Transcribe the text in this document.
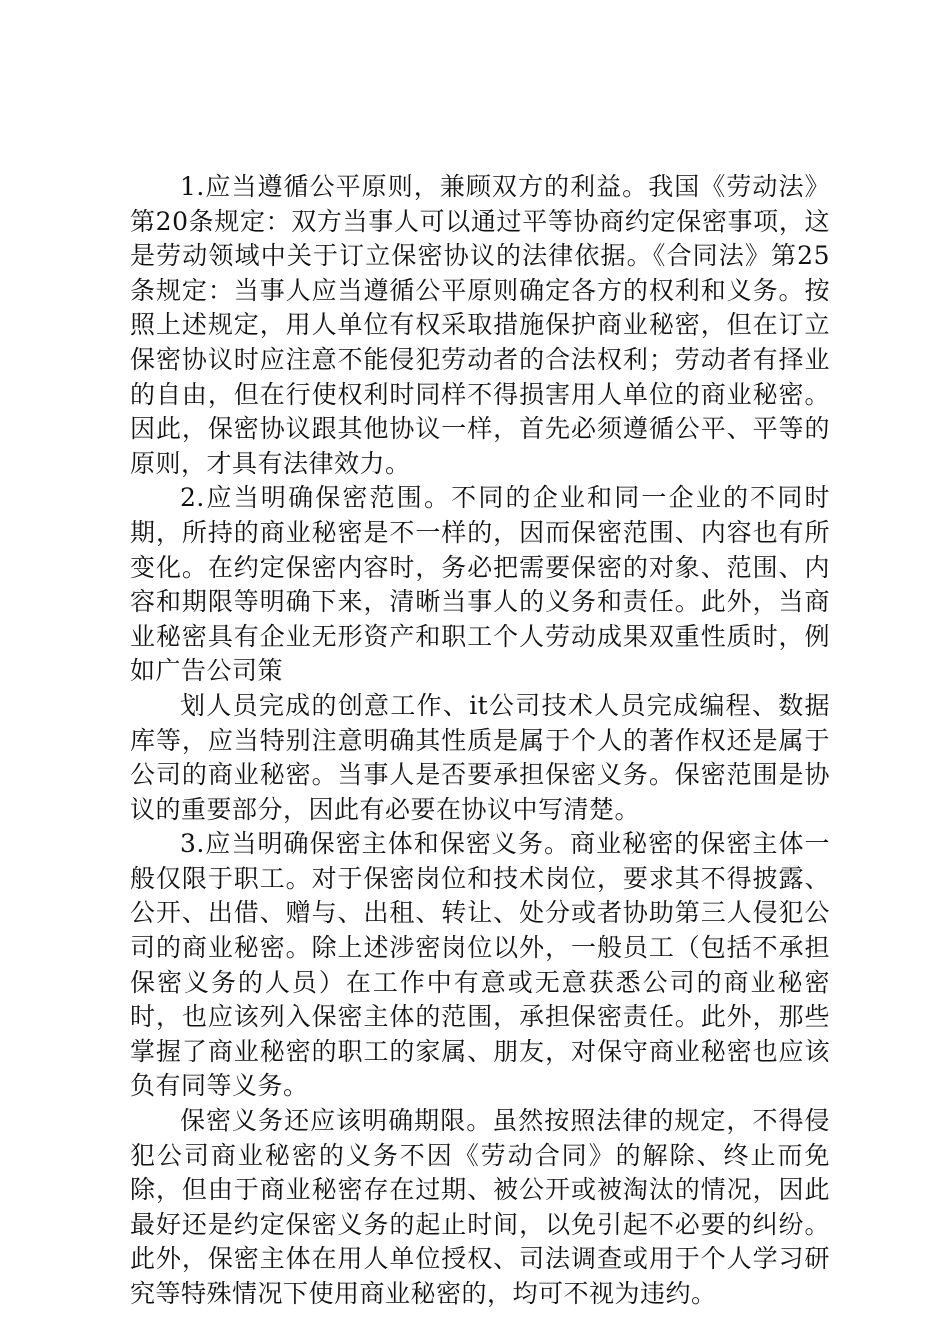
1.应当遵循公平原则，兼顾双方的利益。我国《劳动法》第20条规定：双方当事人可以通过平等协商约定保密事项，这是劳动领域中关于订立保密协议的法律依据。《合同法》第25条规定：当事人应当遵循公平原则确定各方的权利和义务。按照上述规定，用人单位有权采取措施保护商业秘密，但在订立保密协议时应注意不能侵犯劳动者的合法权利；劳动者有择业的自由，但在行使权利时同样不得损害用人单位的商业秘密。因此，保密协议跟其他协议一样，首先必须遵循公平、平等的原则，才具有法律效力。

2.应当明确保密范围。不同的企业和同一企业的不同时期，所持的商业秘密是不一样的，因而保密范围、内容也有所变化。在约定保密内容时，务必把需要保密的对象、范围、内容和期限等明确下来，清晰当事人的义务和责任。此外，当商业秘密具有企业无形资产和职工个人劳动成果双重性质时，例如广告公司策

划人员完成的创意工作、it公司技术人员完成编程、数据库等，应当特别注意明确其性质是属于个人的著作权还是属于公司的商业秘密。当事人是否要承担保密义务。保密范围是协议的重要部分，因此有必要在协议中写清楚。

3.应当明确保密主体和保密义务。商业秘密的保密主体一般仅限于职工。对于保密岗位和技术岗位，要求其不得披露、公开、出借、赠与、出租、转让、处分或者协助第三人侵犯公司的商业秘密。除上述涉密岗位以外，一般员工（包括不承担保密义务的人员）在工作中有意或无意获悉公司的商业秘密时，也应该列入保密主体的范围，承担保密责任。此外，那些掌握了商业秘密的职工的家属、朋友，对保守商业秘密也应该负有同等义务。

保密义务还应该明确期限。虽然按照法律的规定，不得侵犯公司商业秘密的义务不因《劳动合同》的解除、终止而免除，但由于商业秘密存在过期、被公开或被淘汰的情况，因此最好还是约定保密义务的起止时间，以免引起不必要的纠纷。此外，保密主体在用人单位授权、司法调查或用于个人学习研究等特殊情况下使用商业秘密的，均可不视为违约。
